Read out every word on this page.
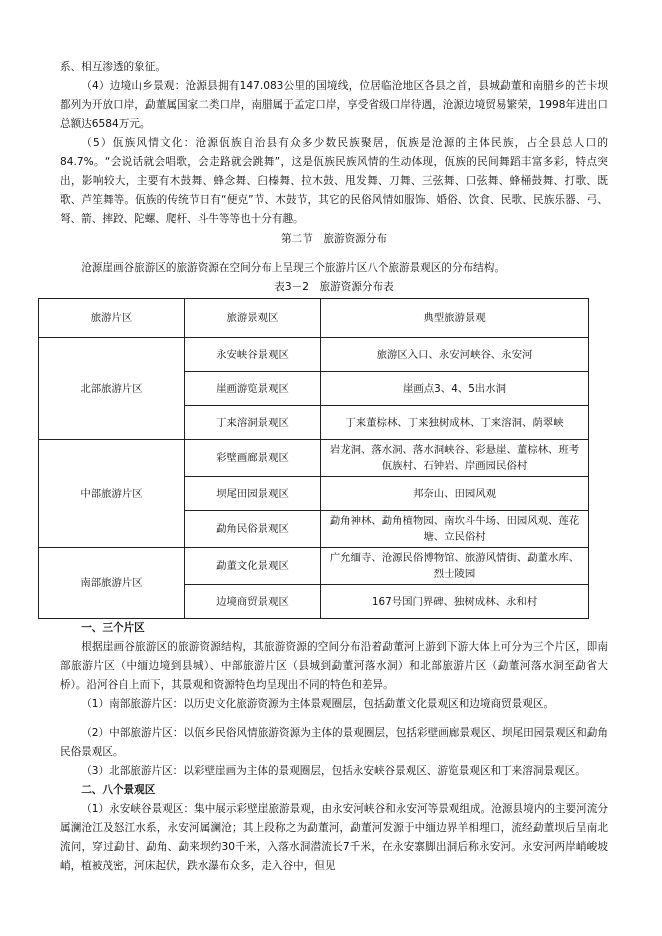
系、相互渗透的象征。

（4）边境山乡景观：沧源县拥有147.083公里的国境线，位居临沧地区各县之首，县城勐董和南腊乡的芒卡坝都列为开放口岸，勐董属国家二类口岸，南腊属于孟定口岸，享受省级口岸待遇，沧源边境贸易繁荣，1998年进出口总额达6584万元。

（5）佤族风情文化：沧源佤族自治县有众多少数民族聚居，佤族是沧源的主体民族，占全县总人口的84.7%。“会说话就会唱歌，会走路就会跳舞”，这是佤族民族风情的生动体现，佤族的民间舞蹈丰富多彩，特点突出，影响较大，主要有木鼓舞、蜂念舞、臼榛舞、拉木鼓、甩发舞、刀舞、三弦舞、口弦舞、蜂桶鼓舞、打歌、既歌、芦笙舞等。佤族的传统节日有“便克”节、木鼓节，其它的民俗风情如服饰、婚俗、饮食、民歌、民族乐器、弓、弩、箭、摔跤、陀螺、爬杆、斗牛等等也十分有趣。

第二节　旅游资源分布

沧源崖画谷旅游区的旅游资源在空间分布上呈现三个旅游片区八个旅游景观区的分布结构。

表3－2　旅游资源分布表

旅游片区	旅游景观区	典型旅游景观
北部旅游片区	永安峡谷景观区	旅游区入口、永安河峡谷、永安河
	崖画游览景观区	崖画点3、4、5出水洞
	丁来溶洞景观区	丁来董棕林、丁来独树成林、丁来溶洞、荫翠峡
中部旅游片区	彩壁画廊景观区	岩龙洞、落水洞、落水洞峡谷、彩悬崖、董棕林、班考佤族村、石钟岩、岸画园民俗村
	坝尾田园景观区	邦奈山、田园风观
	勐角民俗景观区	勐角神林、勐角植物园、南坎斗牛场、田园风观、莲花塘、立民俗村
南部旅游片区	勐董文化景观区	广允缅寺、沧源民俗博物馆、旅游风情街、勐董水库、烈士陵园
	边境商贸景观区	167号国门界碑、独树成林、永和村

一、三个片区

根据崖画谷旅游区的旅游资源结构，其旅游资源的空间分布沿着勐董河上游到下游大体上可分为三个片区，即南部旅游片区（中缅边境到县城）、中部旅游片区（县城到勐董河落水洞）和北部旅游片区（勐董河落水洞至勐省大桥）。沿河谷自上而下，其景观和资源特色均呈现出不同的特色和差异。

（1）南部旅游片区：以历史文化旅游资源为主体景观圈层，包括勐董文化景观区和边境商贸景观区。

（2）中部旅游片区：以佤乡民俗风情旅游资源为主体的景观圈层，包括彩壁画廊景观区、坝尾田园景观区和勐角民俗景观区。

（3）北部旅游片区：以彩壁崖画为主体的景观圈层，包括永安峡谷景观区、游览景观区和丁来溶洞景观区。

二、八个景观区

（1）永安峡谷景观区：集中展示彩壁崖旅游景观，由永安河峡谷和永安河等景观组成。沧源县境内的主要河流分属澜沧江及怒江水系，永安河属澜沧；其上段称之为勐董河，勐董河发源于中缅边界羊相埋口，流经勐董坝后呈南北流问，穿过勐甘、勐角、勐来坝约30千米，入落水洞潜流长7千米，在永安寨脚出洞后称永安河。永安河两岸峭峻坡峭，植被茂密，河床起伏，跌水瀑布众多，走入谷中，但见
